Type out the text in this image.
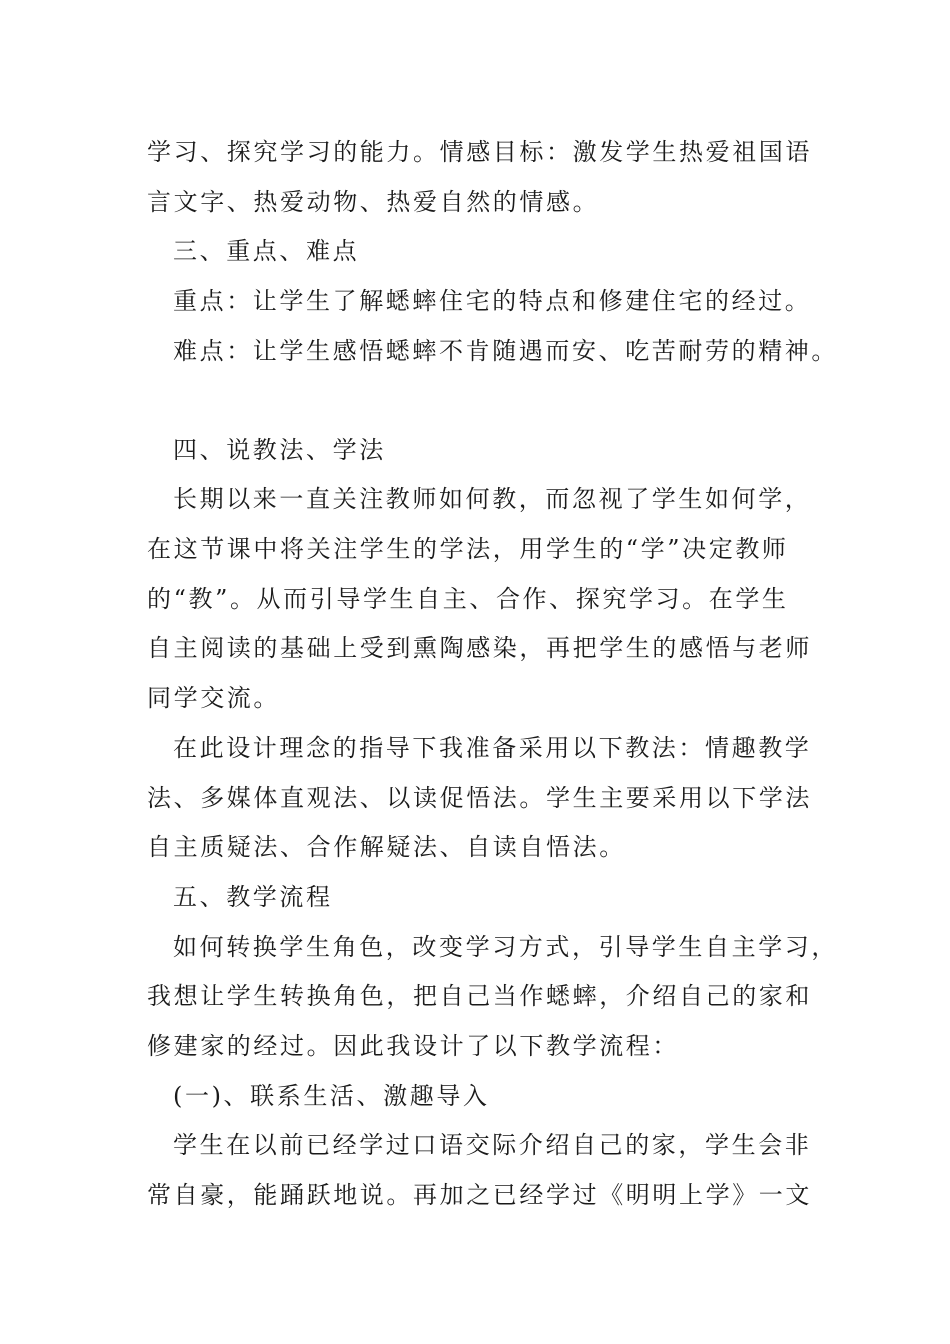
学习、探究学习的能力。情感目标：激发学生热爱祖国语
言文字、热爱动物、热爱自然的情感。
三、重点、难点
重点：让学生了解蟋蟀住宅的特点和修建住宅的经过。
难点：让学生感悟蟋蟀不肯随遇而安、吃苦耐劳的精神。
四、说教法、学法
长期以来一直关注教师如何教，而忽视了学生如何学，
在这节课中将关注学生的学法，用学生的“学”决定教师
的“教”。从而引导学生自主、合作、探究学习。在学生
自主阅读的基础上受到熏陶感染，再把学生的感悟与老师
同学交流。
在此设计理念的指导下我准备采用以下教法：情趣教学
法、多媒体直观法、以读促悟法。学生主要采用以下学法
自主质疑法、合作解疑法、自读自悟法。
五、教学流程
如何转换学生角色，改变学习方式，引导学生自主学习，
我想让学生转换角色，把自己当作蟋蟀，介绍自己的家和
修建家的经过。因此我设计了以下教学流程：
(一)、联系生活、激趣导入
学生在以前已经学过口语交际介绍自己的家，学生会非
常自豪，能踊跃地说。再加之已经学过《明明上学》一文
